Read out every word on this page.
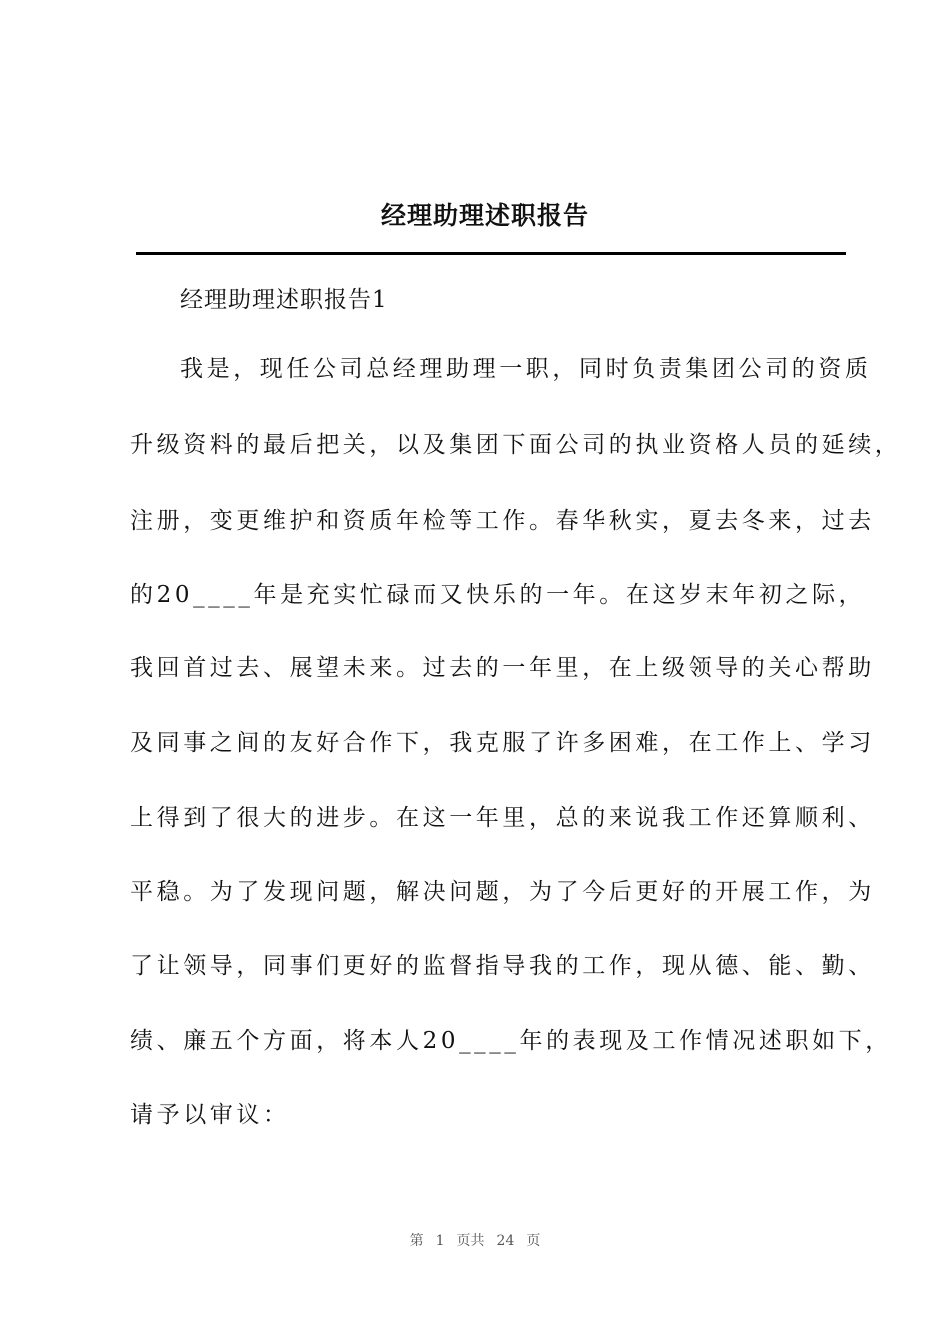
经理助理述职报告
经理助理述职报告1
我是，现任公司总经理助理一职，同时负责集团公司的资质
升级资料的最后把关，以及集团下面公司的执业资格人员的延续，
注册，变更维护和资质年检等工作。春华秋实，夏去冬来，过去
的20____年是充实忙碌而又快乐的一年。在这岁末年初之际，
我回首过去、展望未来。过去的一年里，在上级领导的关心帮助
及同事之间的友好合作下，我克服了许多困难，在工作上、学习
上得到了很大的进步。在这一年里，总的来说我工作还算顺利、
平稳。为了发现问题，解决问题，为了今后更好的开展工作，为
了让领导，同事们更好的监督指导我的工作，现从德、能、勤、
绩、廉五个方面，将本人20____年的表现及工作情况述职如下，
请予以审议：
第 1 页共 24 页
